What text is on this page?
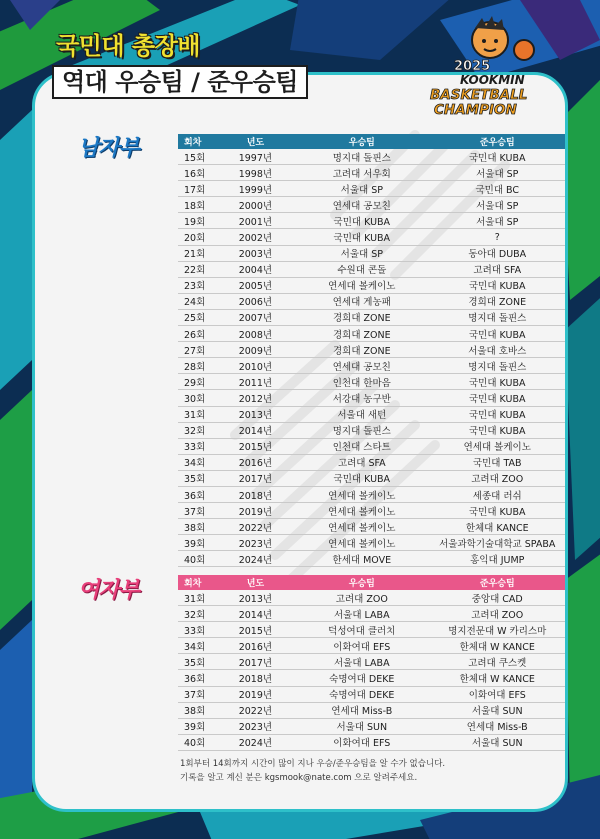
국민대 총장배
역대 우승팀 / 준우승팀
2025
KOOKMIN
BASKETBALL
CHAMPION
남자부	회차	년도	우승팀	준우승팀
15회	1997년	명지대 돌핀스	국민대 KUBA
16회	1998년	고려대 서우회	서울대 SP
17회	1999년	서울대 SP	국민대 BC
18회	2000년	연세대 공모친	서울대 SP
19회	2001년	국민대 KUBA	서울대 SP
20회	2002년	국민대 KUBA	?
21회	2003년	서울대 SP	동아대 DUBA
22회	2004년	수원대 콘돌	고려대 SFA
23회	2005년	연세대 볼케이노	국민대 KUBA
24회	2006년	연세대 게농패	경희대 ZONE
25회	2007년	경희대 ZONE	명지대 돌핀스
26회	2008년	경희대 ZONE	국민대 KUBA
27회	2009년	경희대 ZONE	서울대 호바스
28회	2010년	연세대 공모친	명지대 돌핀스
29회	2011년	인천대 한마음	국민대 KUBA
30회	2012년	서강대 농구반	국민대 KUBA
31회	2013년	서울대 새턴	국민대 KUBA
32회	2014년	명지대 돌핀스	국민대 KUBA
33회	2015년	인천대 스타트	연세대 볼케이노
34회	2016년	고려대 SFA	국민대 TAB
35회	2017년	국민대 KUBA	고려대 ZOO
36회	2018년	연세대 볼케이노	세종대 러쉬
37회	2019년	연세대 볼케이노	국민대 KUBA
38회	2022년	연세대 볼케이노	한체대 KANCE
39회	2023년	연세대 볼케이노	서울과학기술대학교 SPABA
40회	2024년	한세대 MOVE	홍익대 JUMP
여자부	회차	년도	우승팀	준우승팀
31회	2013년	고려대 ZOO	중앙대 CAD
32회	2014년	서울대 LABA	고려대 ZOO
33회	2015년	덕성여대 클러치	명지전문대 W 카리스마
34회	2016년	이화여대 EFS	한체대 W KANCE
35회	2017년	서울대 LABA	고려대 쿠스켓
36회	2018년	숙명여대 DEKE	한체대 W KANCE
37회	2019년	숙명여대 DEKE	이화여대 EFS
38회	2022년	연세대 Miss-B	서울대 SUN
39회	2023년	서울대 SUN	연세대 Miss-B
40회	2024년	이화여대 EFS	서울대 SUN
1회부터 14회까지 시간이 많이 지나 우승/준우승팀을 알 수가 없습니다.
기록을 알고 계신 분은 kgsmook@nate.com 으로 알려주세요.
